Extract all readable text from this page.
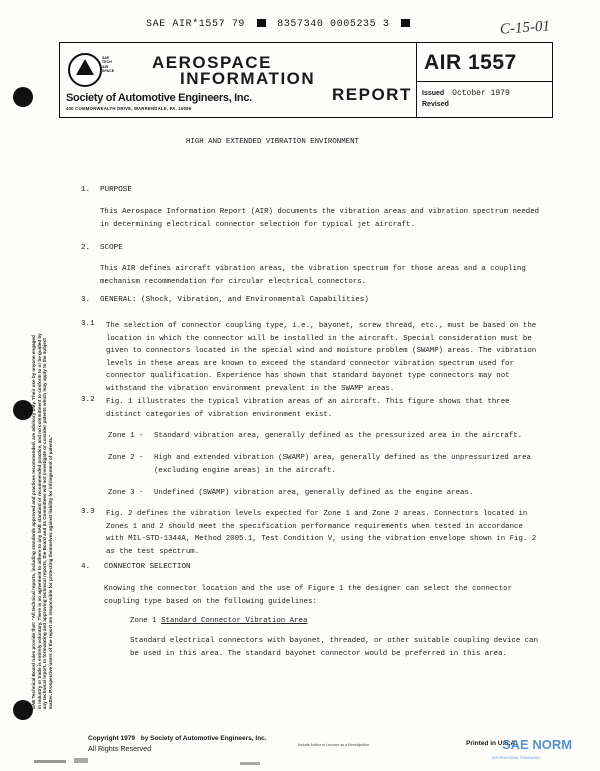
SAE AIR*1557 79	8357340 0005235 3	C-15-01
SAE
TECH
AIR
SPACE AEROSPACE
INFORMATION
REPORT
Society of Automotive Engineers, Inc.
400 COMMONWEALTH DRIVE, WARRENDALE, PA. 15096
AIR 1557
Issued October 1979
Revised
SAE Technical Board rules provide that: "All technical reports, including standards approved and practices recommended, are advisory only. Their use by anyone engaged in industry or trade is entirely voluntary. There is no agreement to adhere to any SAE standard or recommended practice, and no commitment to conform to or be guided by any technical report. In formulating and approving technical reports, the Board and its Committees will not investigate or consider patents which may apply to the subject matter. Prospective users of the report are responsible for protecting themselves against liability for infringement of patents."
HIGH AND EXTENDED VIBRATION ENVIRONMENT
1. PURPOSE
This Aerospace Information Report (AIR) documents the vibration areas and vibration spectrum needed in determining electrical connector selection for typical jet aircraft.
2. SCOPE
This AIR defines aircraft vibration areas, the vibration spectrum for those areas and a coupling mechanism recommendation for circular electrical connectors.
3. GENERAL: (Shock, Vibration, and Environmental Capabilities)
3.1 The selection of connector coupling type, i.e., bayonet, screw thread, etc., must be based on the location in which the connector will be installed in the aircraft. Special consideration must be given to connectors located in the special wind and moisture problem (SWAMP) areas. The vibration levels in these areas are known to exceed the standard connector vibration spectrum used for connector qualification. Experience has shown that standard bayonet type connectors may not withstand the vibration environment prevalent in the SWAMP areas.
3.2 Fig. 1 illustrates the typical vibration areas of an aircraft. This figure shows that three distinct categories of vibration environment exist.
Zone 1 - Standard vibration area, generally defined as the pressurized area in the aircraft.
Zone 2 - High and extended vibration (SWAMP) area, generally defined as the unpressurized area (excluding engine areas) in the aircraft.
Zone 3 - Undefined (SWAMP) vibration area, generally defined as the engine areas.
3.3 Fig. 2 defines the vibration levels expected for Zone 1 and Zone 2 areas. Connectors located in Zones 1 and 2 should meet the specification performance requirements when tested in accordance with MIL-STD-1344A, Method 2005.1, Test Condition V, using the vibration envelope shown in Fig. 2 as the test spectrum.
4. CONNECTOR SELECTION
Knowing the connector location and the use of Figure 1 the designer can select the connector coupling type based on the following guidelines:
Zone 1 Standard Connector Vibration Area
Standard electrical connectors with bayonet, threaded, or other suitable coupling device can be used in this area. The standard bayonet connector would be preferred in this area.
Copyright 1979 by Society of Automotive Engineers, Inc.
All Rights Reserved	Include Author or Lecturer as a Nonobjection	Printed in U.S.A.
SAE NORM
INTERNATIONAL STANDARDS
